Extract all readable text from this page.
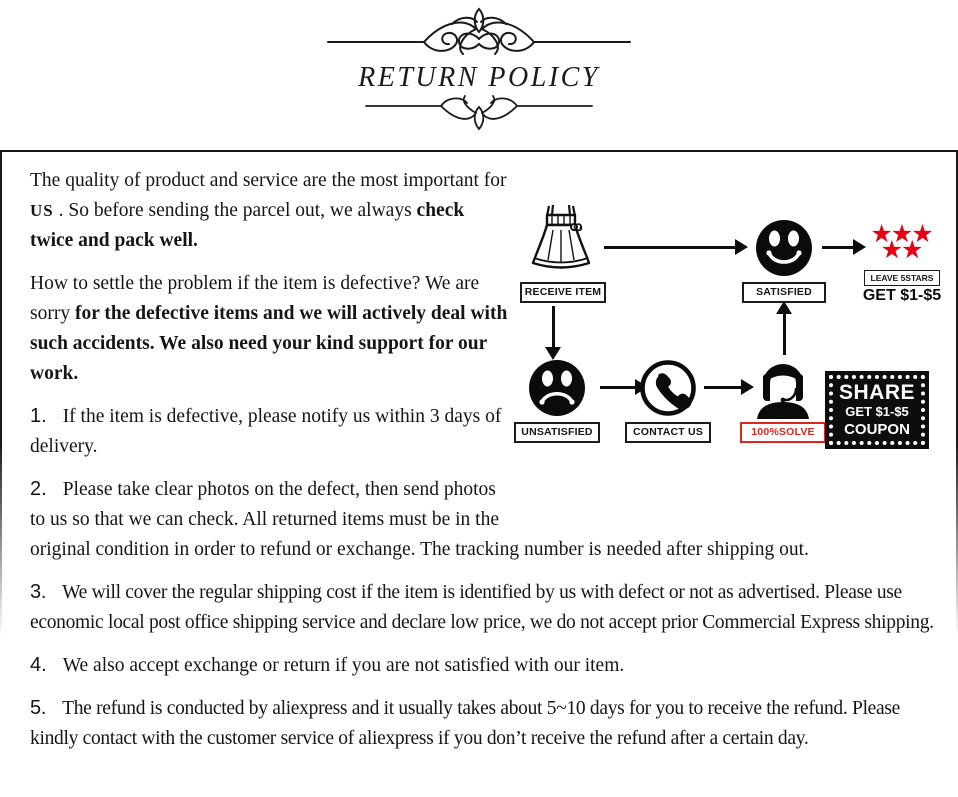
RETURN POLICY
RECEIVE ITEM	SATISFIED
★
★
★
★
★
LEAVE 5STARS
GET $1-$5
UNSATISFIED	CONTACT US	100%SOLVE
SHARE
GET $1-$5
COUPON

The quality of product and service are the most important for US . So before sending the parcel out, we always check twice and pack well.

How to settle the problem if the item is defective? We are sorry for the defective items and we will actively deal with such accidents. We also need your kind support for our work.

1. If the item is defective, please notify us within 3 days of delivery.

2. Please take clear photos on the defect, then send photos to us so that we can check. All returned items must be in the original condition in order to refund or exchange. The tracking number is needed after shipping out.

3. We will cover the regular shipping cost if the item is identified by us with defect or not as advertised. Please use economic local post office shipping service and declare low price, we do not accept prior Commercial Express shipping.

4. We also accept exchange or return if you are not satisfied with our item.

5. The refund is conducted by aliexpress and it usually takes about 5~10 days for you to receive the refund. Please kindly contact with the customer service of aliexpress if you don’t receive the refund after a certain day.
